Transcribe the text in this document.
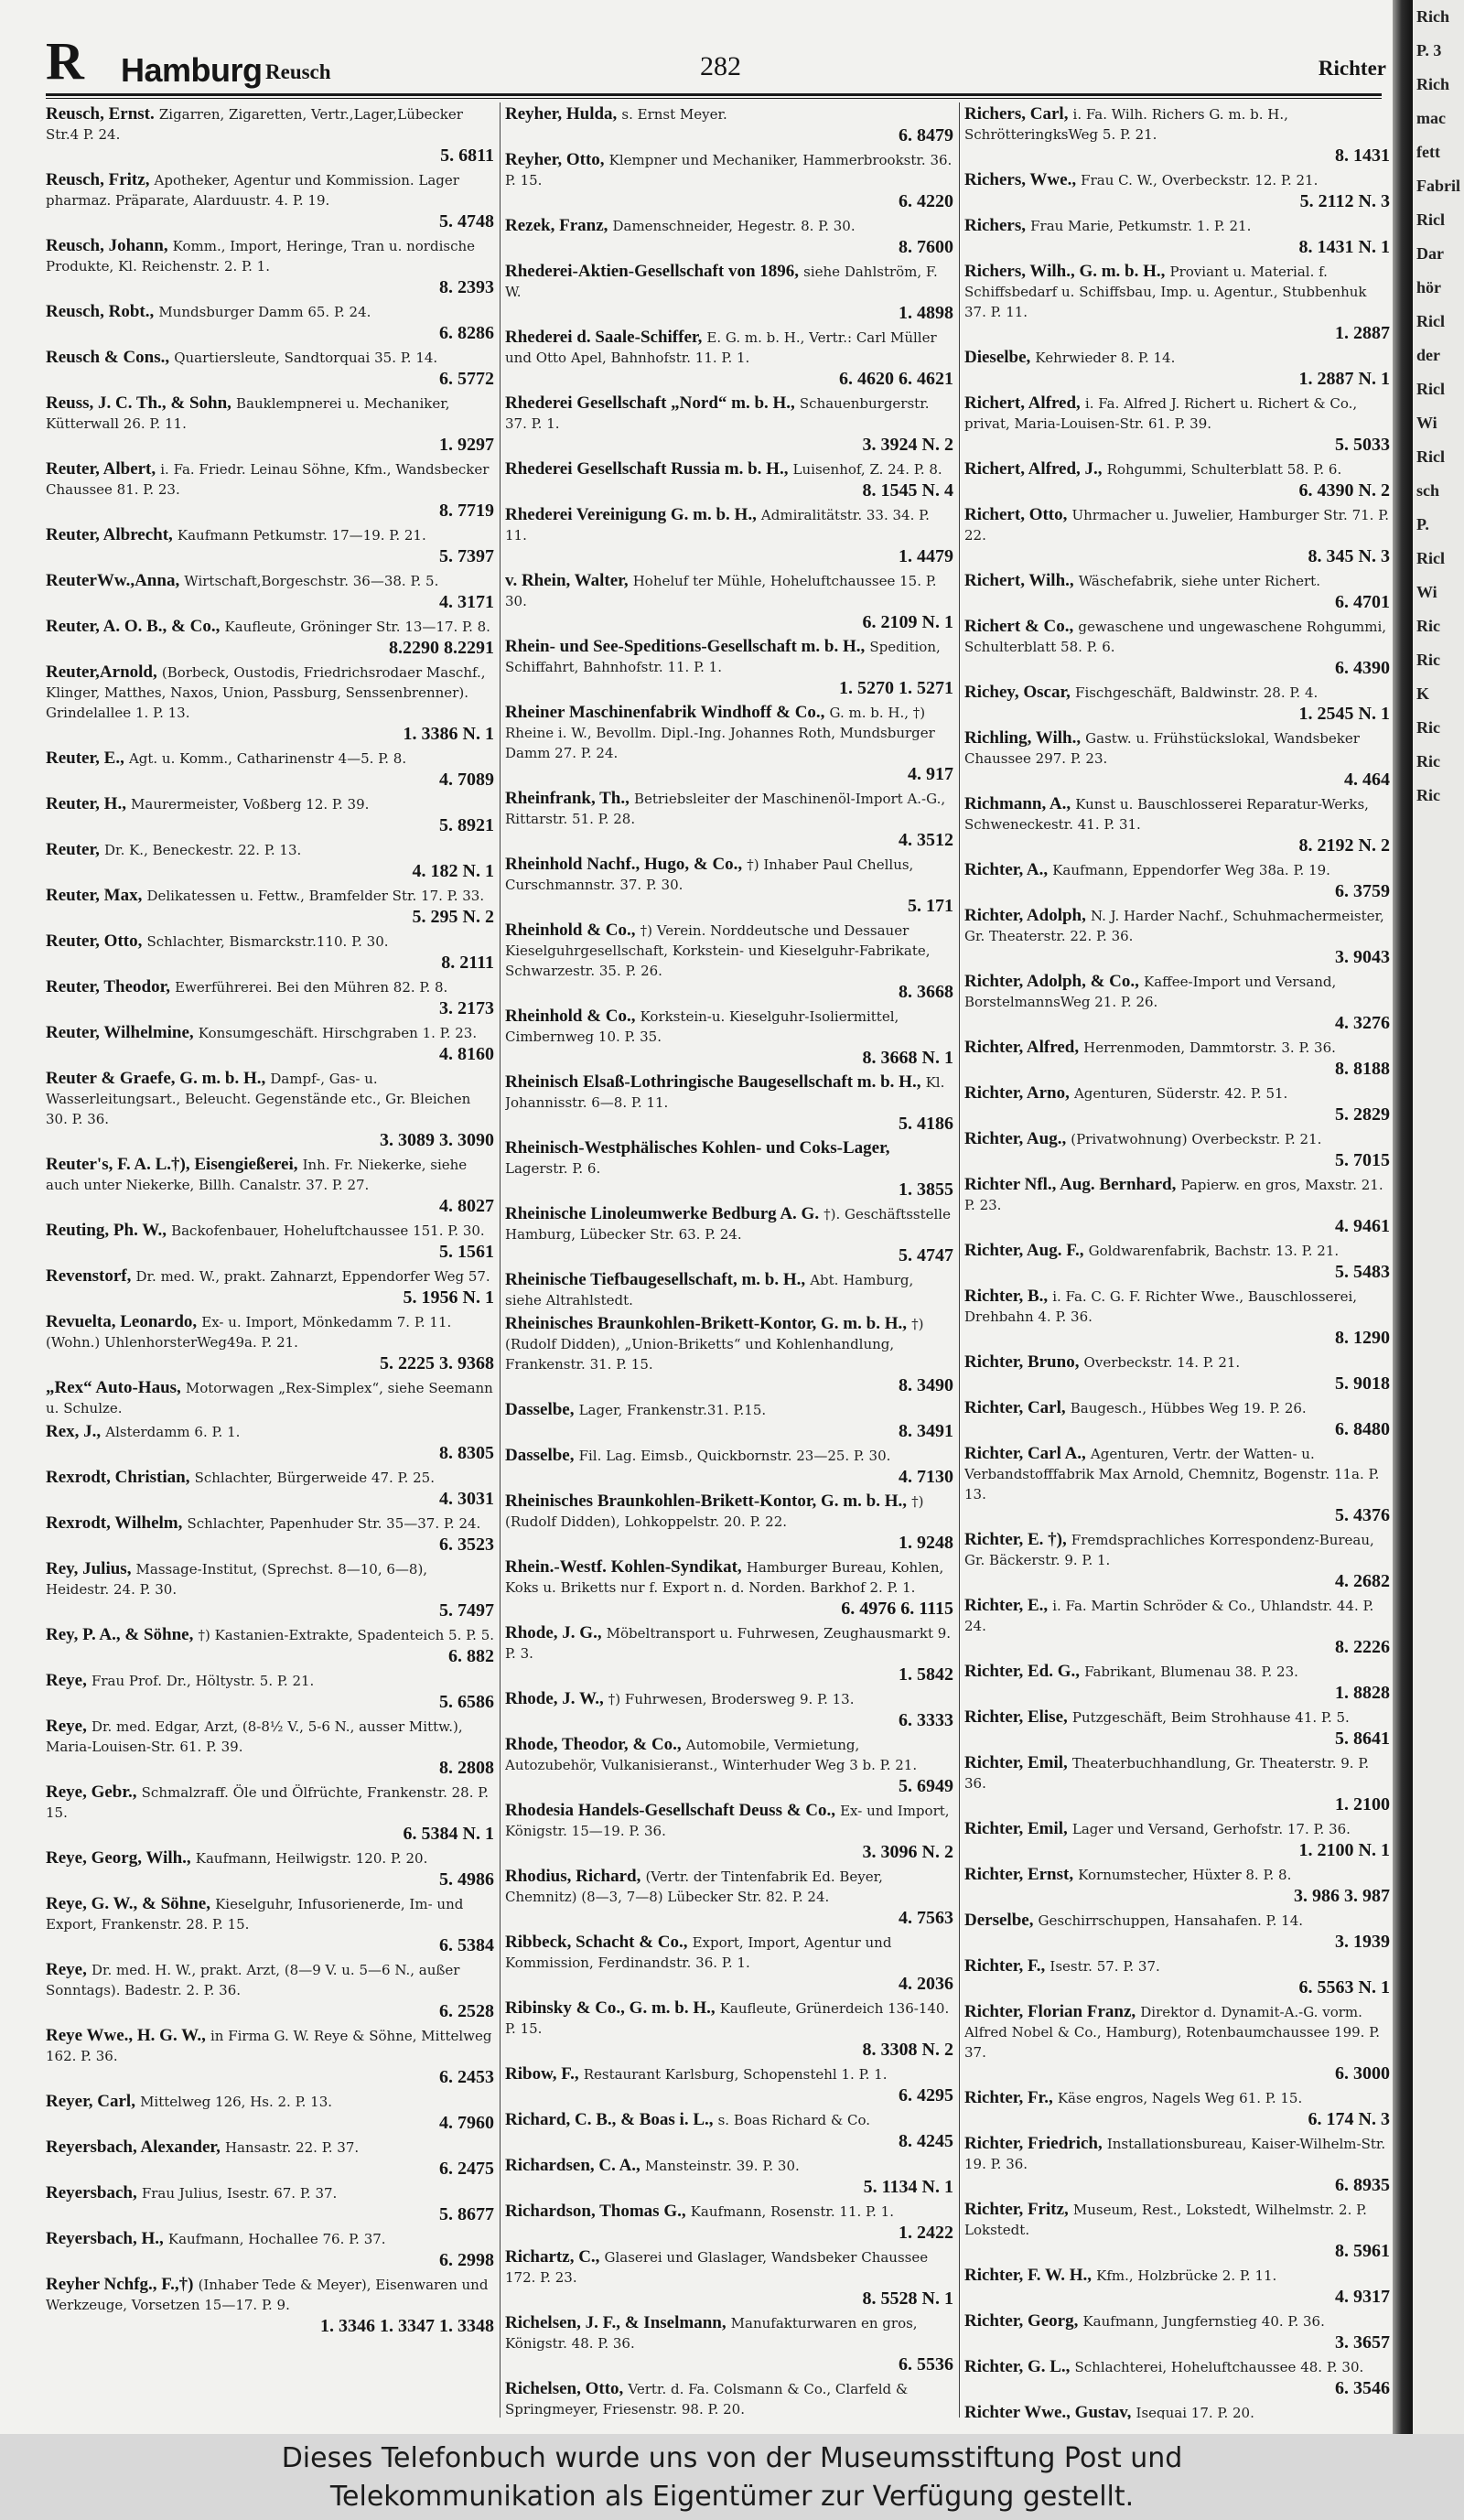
R Hamburg Reusch	282	Richter
Reusch, Ernst. Zigarren, Zigaretten, Vertr.,Lager,Lübecker Str.4 P. 24.
5. 6811
Reusch, Fritz, Apotheker, Agentur und Kommission. Lager pharmaz. Präparate, Alarduustr. 4. P. 19.
5. 4748
Reusch, Johann, Komm., Import, Heringe, Tran u. nordische Produkte, Kl. Reichenstr. 2. P. 1.
8. 2393
Reusch, Robt., Mundsburger Damm 65. P. 24.
6. 8286
Reusch & Cons., Quartiersleute, Sandtorquai 35. P. 14.
6. 5772
Reuss, J. C. Th., & Sohn, Bauklempnerei u. Mechaniker, Kütterwall 26. P. 11.
1. 9297
Reuter, Albert, i. Fa. Friedr. Leinau Söhne, Kfm., Wandsbecker Chaussee 81. P. 23.
8. 7719
Reuter, Albrecht, Kaufmann Petkumstr. 17—19. P. 21.
5. 7397
ReuterWw.,Anna, Wirtschaft,Borgeschstr. 36—38. P. 5.
4. 3171
Reuter, A. O. B., & Co., Kaufleute, Gröninger Str. 13—17. P. 8.
8.2290 8.2291
Reuter,Arnold, (Borbeck, Oustodis, Friedrichsrodaer Maschf., Klinger, Matthes, Naxos, Union, Passburg, Senssenbrenner). Grindelallee 1. P. 13.
1. 3386 N. 1
Reuter, E., Agt. u. Komm., Catharinenstr 4—5. P. 8.
4. 7089
Reuter, H., Maurermeister, Voßberg 12. P. 39.
5. 8921
Reuter, Dr. K., Beneckestr. 22. P. 13.
4. 182 N. 1
Reuter, Max, Delikatessen u. Fettw., Bramfelder Str. 17. P. 33.
5. 295 N. 2
Reuter, Otto, Schlachter, Bismarckstr.110. P. 30.
8. 2111
Reuter, Theodor, Ewerführerei. Bei den Mühren 82. P. 8.
3. 2173
Reuter, Wilhelmine, Konsumgeschäft. Hirschgraben 1. P. 23.
4. 8160
Reuter & Graefe, G. m. b. H., Dampf-, Gas- u. Wasserleitungsart., Beleucht. Gegenstände etc., Gr. Bleichen 30. P. 36.
3. 3089 3. 3090
Reuter's, F. A. L.†), Eisengießerei, Inh. Fr. Niekerke, siehe auch unter Niekerke, Billh. Canalstr. 37. P. 27.
4. 8027
Reuting, Ph. W., Backofenbauer, Hoheluftchaussee 151. P. 30.
5. 1561
Revenstorf, Dr. med. W., prakt. Zahnarzt, Eppendorfer Weg 57.
5. 1956 N. 1
Revuelta, Leonardo, Ex- u. Import, Mönkedamm 7. P. 11. (Wohn.) UhlenhorsterWeg49a. P. 21.
5. 2225 3. 9368
„Rex“ Auto-Haus, Motorwagen „Rex-Simplex“, siehe Seemann u. Schulze.
Rex, J., Alsterdamm 6. P. 1.
8. 8305
Rexrodt, Christian, Schlachter, Bürgerweide 47. P. 25.
4. 3031
Rexrodt, Wilhelm, Schlachter, Papenhuder Str. 35—37. P. 24.
6. 3523
Rey, Julius, Massage-Institut, (Sprechst. 8—10, 6—8), Heidestr. 24. P. 30.
5. 7497
Rey, P. A., & Söhne, †) Kastanien-Extrakte, Spadenteich 5. P. 5.
6. 882
Reye, Frau Prof. Dr., Höltystr. 5. P. 21.
5. 6586
Reye, Dr. med. Edgar, Arzt, (8-8½ V., 5-6 N., ausser Mittw.), Maria-Louisen-Str. 61. P. 39.
8. 2808
Reye, Gebr., Schmalzraff. Öle und Ölfrüchte, Frankenstr. 28. P. 15.
6. 5384 N. 1
Reye, Georg, Wilh., Kaufmann, Heilwigstr. 120. P. 20.
5. 4986
Reye, G. W., & Söhne, Kieselguhr, Infusorienerde, Im- und Export, Frankenstr. 28. P. 15.
6. 5384
Reye, Dr. med. H. W., prakt. Arzt, (8—9 V. u. 5—6 N., außer Sonntags). Badestr. 2. P. 36.
6. 2528
Reye Wwe., H. G. W., in Firma G. W. Reye & Söhne, Mittelweg 162. P. 36.
6. 2453
Reyer, Carl, Mittelweg 126, Hs. 2. P. 13.
4. 7960
Reyersbach, Alexander, Hansastr. 22. P. 37.
6. 2475
Reyersbach, Frau Julius, Isestr. 67. P. 37.
5. 8677
Reyersbach, H., Kaufmann, Hochallee 76. P. 37.
6. 2998
Reyher Nchfg., F.,†) (Inhaber Tede & Meyer), Eisenwaren und Werkzeuge, Vorsetzen 15—17. P. 9.
1. 3346 1. 3347 1. 3348
Reyher, Hulda, s. Ernst Meyer.
6. 8479
Reyher, Otto, Klempner und Mechaniker, Hammerbrookstr. 36. P. 15.
6. 4220
Rezek, Franz, Damenschneider, Hegestr. 8. P. 30.
8. 7600
Rhederei-Aktien-Gesellschaft von 1896, siehe Dahlström, F. W.
1. 4898
Rhederei d. Saale-Schiffer, E. G. m. b. H., Vertr.: Carl Müller und Otto Apel, Bahnhofstr. 11. P. 1.
6. 4620 6. 4621
Rhederei Gesellschaft „Nord“ m. b. H., Schauenburgerstr. 37. P. 1.
3. 3924 N. 2
Rhederei Gesellschaft Russia m. b. H., Luisenhof, Z. 24. P. 8.
8. 1545 N. 4
Rhederei Vereinigung G. m. b. H., Admiralitätstr. 33. 34. P. 11.
1. 4479
v. Rhein, Walter, Hoheluf ter Mühle, Hoheluftchaussee 15. P. 30.
6. 2109 N. 1
Rhein- und See-Speditions-Gesellschaft m. b. H., Spedition, Schiffahrt, Bahnhofstr. 11. P. 1.
1. 5270 1. 5271
Rheiner Maschinenfabrik Windhoff & Co., G. m. b. H., †) Rheine i. W., Bevollm. Dipl.-Ing. Johannes Roth, Mundsburger Damm 27. P. 24.
4. 917
Rheinfrank, Th., Betriebsleiter der Maschinenöl-Import A.-G., Rittarstr. 51. P. 28.
4. 3512
Rheinhold Nachf., Hugo, & Co., †) Inhaber Paul Chellus, Curschmannstr. 37. P. 30.
5. 171
Rheinhold & Co., †) Verein. Norddeutsche und Dessauer Kieselguhrgesellschaft, Korkstein- und Kieselguhr-Fabrikate, Schwarzestr. 35. P. 26.
8. 3668
Rheinhold & Co., Korkstein-u. Kieselguhr-Isoliermittel, Cimbernweg 10. P. 35.
8. 3668 N. 1
Rheinisch Elsaß-Lothringische Baugesellschaft m. b. H., Kl. Johannisstr. 6—8. P. 11.
5. 4186
Rheinisch-Westphälisches Kohlen- und Coks-Lager, Lagerstr. P. 6.
1. 3855
Rheinische Linoleumwerke Bedburg A. G. †). Geschäftsstelle Hamburg, Lübecker Str. 63. P. 24.
5. 4747
Rheinische Tiefbaugesellschaft, m. b. H., Abt. Hamburg, siehe Altrahlstedt.
Rheinisches Braunkohlen-Brikett-Kontor, G. m. b. H., †) (Rudolf Didden), „Union-Briketts“ und Kohlenhandlung, Frankenstr. 31. P. 15.
8. 3490
Dasselbe, Lager, Frankenstr.31. P.15.
8. 3491
Dasselbe, Fil. Lag. Eimsb., Quickbornstr. 23—25. P. 30.
4. 7130
Rheinisches Braunkohlen-Brikett-Kontor, G. m. b. H., †) (Rudolf Didden), Lohkoppelstr. 20. P. 22.
1. 9248
Rhein.-Westf. Kohlen-Syndikat, Hamburger Bureau, Kohlen, Koks u. Briketts nur f. Export n. d. Norden. Barkhof 2. P. 1.
6. 4976 6. 1115
Rhode, J. G., Möbeltransport u. Fuhrwesen, Zeughausmarkt 9. P. 3.
1. 5842
Rhode, J. W., †) Fuhrwesen, Brodersweg 9. P. 13.
6. 3333
Rhode, Theodor, & Co., Automobile, Vermietung, Autozubehör, Vulkanisieranst., Winterhuder Weg 3 b. P. 21.
5. 6949
Rhodesia Handels-Gesellschaft Deuss & Co., Ex- und Import, Königstr. 15—19. P. 36.
3. 3096 N. 2
Rhodius, Richard, (Vertr. der Tintenfabrik Ed. Beyer, Chemnitz) (8—3, 7—8) Lübecker Str. 82. P. 24.
4. 7563
Ribbeck, Schacht & Co., Export, Import, Agentur und Kommission, Ferdinandstr. 36. P. 1.
4. 2036
Ribinsky & Co., G. m. b. H., Kaufleute, Grünerdeich 136-140. P. 15.
8. 3308 N. 2
Ribow, F., Restaurant Karlsburg, Schopenstehl 1. P. 1.
6. 4295
Richard, C. B., & Boas i. L., s. Boas Richard & Co.
8. 4245
Richardsen, C. A., Mansteinstr. 39. P. 30.
5. 1134 N. 1
Richardson, Thomas G., Kaufmann, Rosenstr. 11. P. 1.
1. 2422
Richartz, C., Glaserei und Glaslager, Wandsbeker Chaussee 172. P. 23.
8. 5528 N. 1
Richelsen, J. F., & Inselmann, Manufakturwaren en gros, Königstr. 48. P. 36.
6. 5536
Richelsen, Otto, Vertr. d. Fa. Colsmann & Co., Clarfeld & Springmeyer, Friesenstr. 98. P. 20.
Richers, Carl, i. Fa. Wilh. Richers G. m. b. H., SchrötteringksWeg 5. P. 21.
8. 1431
Richers, Wwe., Frau C. W., Overbeckstr. 12. P. 21.
5. 2112 N. 3
Richers, Frau Marie, Petkumstr. 1. P. 21.
8. 1431 N. 1
Richers, Wilh., G. m. b. H., Proviant u. Material. f. Schiffsbedarf u. Schiffsbau, Imp. u. Agentur., Stubbenhuk 37. P. 11.
1. 2887
Dieselbe, Kehrwieder 8. P. 14.
1. 2887 N. 1
Richert, Alfred, i. Fa. Alfred J. Richert u. Richert & Co., privat, Maria-Louisen-Str. 61. P. 39.
5. 5033
Richert, Alfred, J., Rohgummi, Schulterblatt 58. P. 6.
6. 4390 N. 2
Richert, Otto, Uhrmacher u. Juwelier, Hamburger Str. 71. P. 22.
8. 345 N. 3
Richert, Wilh., Wäschefabrik, siehe unter Richert.
6. 4701
Richert & Co., gewaschene und ungewaschene Rohgummi, Schulterblatt 58. P. 6.
6. 4390
Richey, Oscar, Fischgeschäft, Baldwinstr. 28. P. 4.
1. 2545 N. 1
Richling, Wilh., Gastw. u. Frühstückslokal, Wandsbeker Chaussee 297. P. 23.
4. 464
Richmann, A., Kunst u. Bauschlosserei Reparatur-Werks, Schweneckestr. 41. P. 31.
8. 2192 N. 2
Richter, A., Kaufmann, Eppendorfer Weg 38a. P. 19.
6. 3759
Richter, Adolph, N. J. Harder Nachf., Schuhmachermeister, Gr. Theaterstr. 22. P. 36.
3. 9043
Richter, Adolph, & Co., Kaffee-Import und Versand, BorstelmannsWeg 21. P. 26.
4. 3276
Richter, Alfred, Herrenmoden, Dammtorstr. 3. P. 36.
8. 8188
Richter, Arno, Agenturen, Süderstr. 42. P. 51.
5. 2829
Richter, Aug., (Privatwohnung) Overbeckstr. P. 21.
5. 7015
Richter Nfl., Aug. Bernhard, Papierw. en gros, Maxstr. 21. P. 23.
4. 9461
Richter, Aug. F., Goldwarenfabrik, Bachstr. 13. P. 21.
5. 5483
Richter, B., i. Fa. C. G. F. Richter Wwe., Bauschlosserei, Drehbahn 4. P. 36.
8. 1290
Richter, Bruno, Overbeckstr. 14. P. 21.
5. 9018
Richter, Carl, Baugesch., Hübbes Weg 19. P. 26.
6. 8480
Richter, Carl A., Agenturen, Vertr. der Watten- u. Verbandstofffabrik Max Arnold, Chemnitz, Bogenstr. 11a. P. 13.
5. 4376
Richter, E. †), Fremdsprachliches Korrespondenz-Bureau, Gr. Bäckerstr. 9. P. 1.
4. 2682
Richter, E., i. Fa. Martin Schröder & Co., Uhlandstr. 44. P. 24.
8. 2226
Richter, Ed. G., Fabrikant, Blumenau 38. P. 23.
1. 8828
Richter, Elise, Putzgeschäft, Beim Strohhause 41. P. 5.
5. 8641
Richter, Emil, Theaterbuchhandlung, Gr. Theaterstr. 9. P. 36.
1. 2100
Richter, Emil, Lager und Versand, Gerhofstr. 17. P. 36.
1. 2100 N. 1
Richter, Ernst, Kornumstecher, Hüxter 8. P. 8.
3. 986 3. 987
Derselbe, Geschirrschuppen, Hansahafen. P. 14.
3. 1939
Richter, F., Isestr. 57. P. 37.
6. 5563 N. 1
Richter, Florian Franz, Direktor d. Dynamit-A.-G. vorm. Alfred Nobel & Co., Hamburg), Rotenbaumchaussee 199. P. 37.
6. 3000
Richter, Fr., Käse engros, Nagels Weg 61. P. 15.
6. 174 N. 3
Richter, Friedrich, Installationsbureau, Kaiser-Wilhelm-Str. 19. P. 36.
6. 8935
Richter, Fritz, Museum, Rest., Lokstedt, Wilhelmstr. 2. P. Lokstedt.
8. 5961
Richter, F. W. H., Kfm., Holzbrücke 2. P. 11.
4. 9317
Richter, Georg, Kaufmann, Jungfernstieg 40. P. 36.
3. 3657
Richter, G. L., Schlachterei, Hoheluftchaussee 48. P. 30.
6. 3546
Richter Wwe., Gustav, Isequai 17. P. 20.
Rich
P. 3
Rich
mac
fett
Fabril
Ricl
Dar
hör
Ricl
der
Ricl
Wi
Ricl
sch
P.
Ricl
Wi
Ric
Ric
K
Ric
Ric
Ric
Dieses Telefonbuch wurde uns von der Museumsstiftung Post und
Telekommunikation als Eigentümer zur Verfügung gestellt.
